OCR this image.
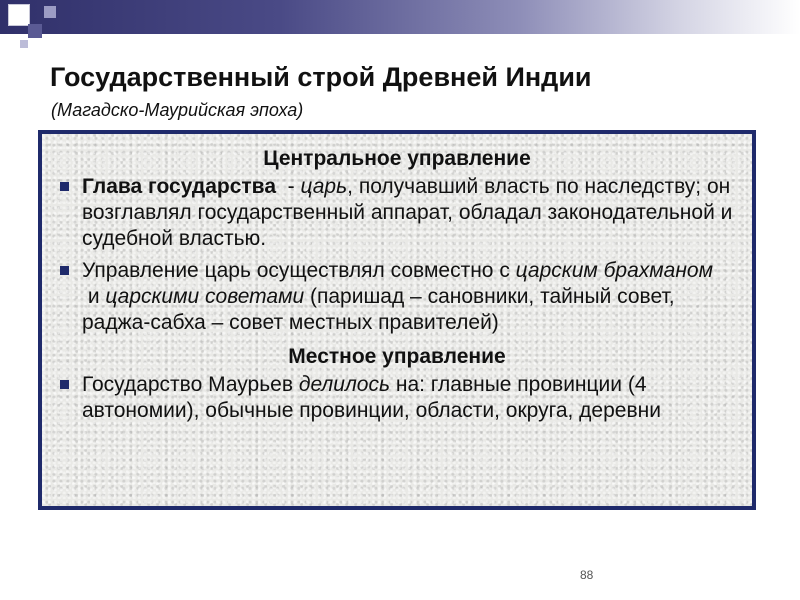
Государственный строй Древней Индии

(Магадско-Маурийская эпоха)

Центральное управление
Глава государства  - царь, получавший власть по наследству; он возглавлял государственный аппарат, обладал законодательной и судебной властью.
Управление царь осуществлял совместно с царским брахманом и царскими советами (паришад – сановники, тайный совет, раджа-сабха – совет местных правителей)
Местное управление
Государство Маурьев делилось на: главные провинции (4 автономии), обычные провинции, области, округа, деревни
88
